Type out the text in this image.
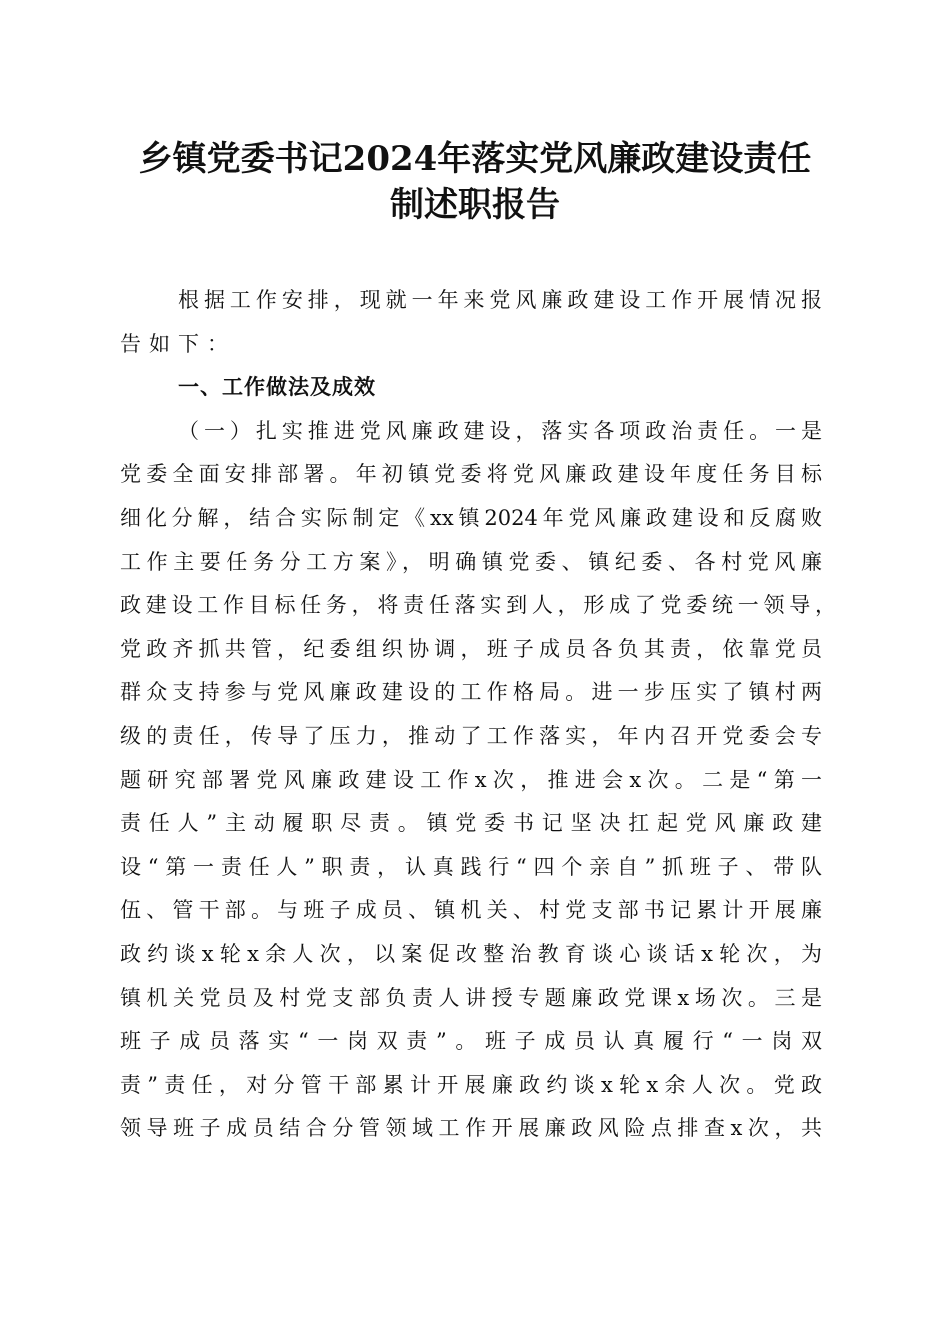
乡镇党委书记2024年落实党风廉政建设责任
制述职报告
根据工作安排，现就一年来党风廉政建设工作开展情况报
告如下：
一、工作做法及成效
（一）扎实推进党风廉政建设，落实各项政治责任。一是
党委全面安排部署。年初镇党委将党风廉政建设年度任务目标
细化分解，结合实际制定《xx镇2024年党风廉政建设和反腐败
工作主要任务分工方案》，明确镇党委、镇纪委、各村党风廉
政建设工作目标任务，将责任落实到人，形成了党委统一领导，
党政齐抓共管，纪委组织协调，班子成员各负其责，依靠党员
群众支持参与党风廉政建设的工作格局。进一步压实了镇村两
级的责任，传导了压力，推动了工作落实，年内召开党委会专
题研究部署党风廉政建设工作x次，推进会x次。二是“第一
责任人”主动履职尽责。镇党委书记坚决扛起党风廉政建
设“第一责任人”职责，认真践行“四个亲自”抓班子、带队
伍、管干部。与班子成员、镇机关、村党支部书记累计开展廉
政约谈x轮x余人次，以案促改整治教育谈心谈话x轮次，为
镇机关党员及村党支部负责人讲授专题廉政党课x场次。三是
班子成员落实“一岗双责”。班子成员认真履行“一岗双
责”责任，对分管干部累计开展廉政约谈x轮x余人次。党政
领导班子成员结合分管领域工作开展廉政风险点排查x次，共
